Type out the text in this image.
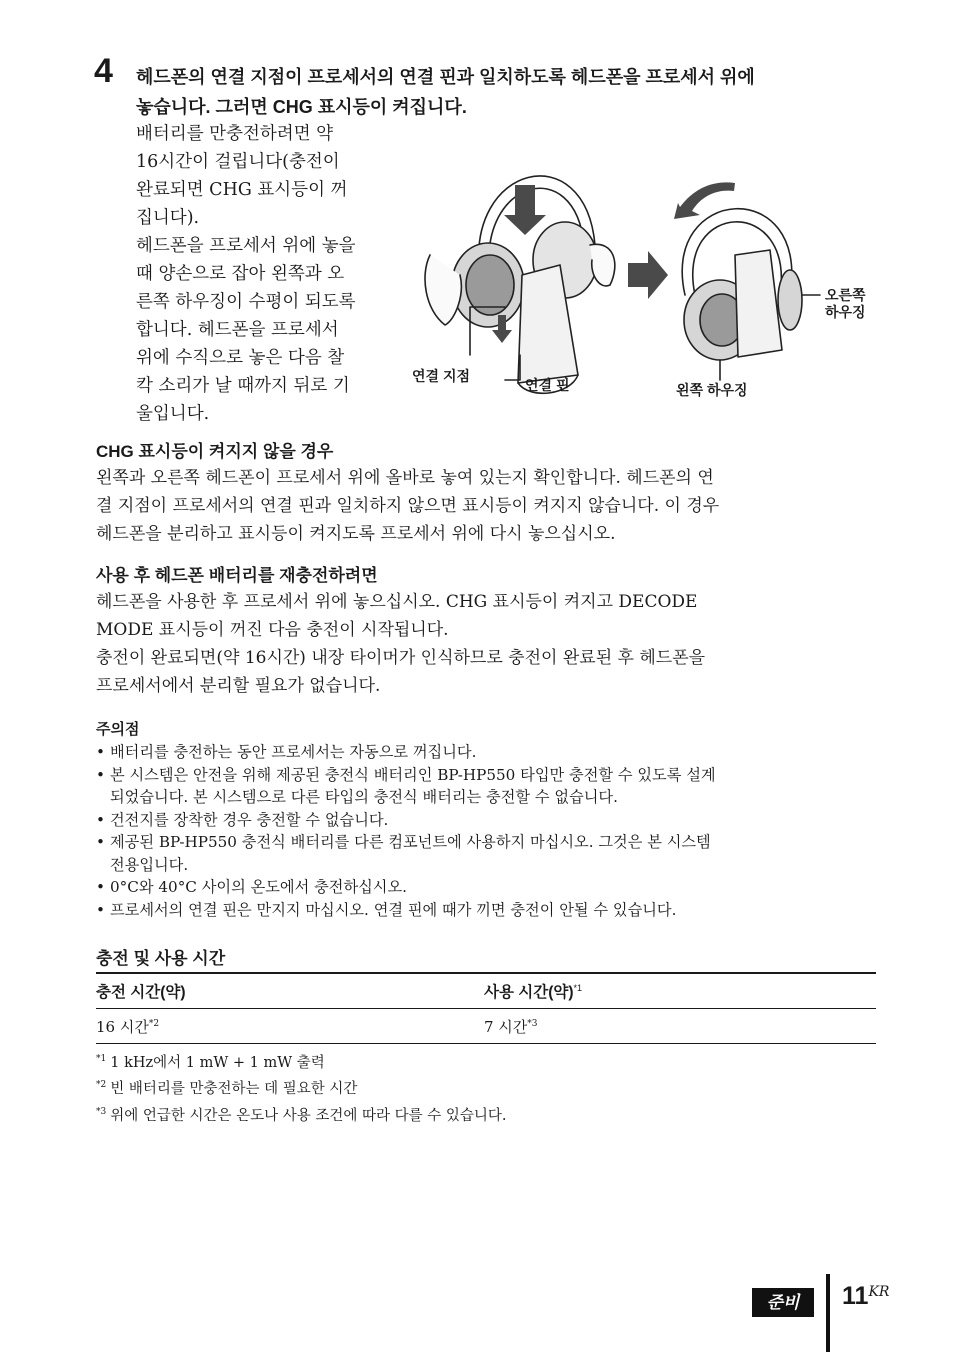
4 헤드폰의 연결 지점이 프로세서의 연결 핀과 일치하도록 헤드폰을 프로세서 위에
놓습니다. 그러면 CHG 표시등이 켜집니다.

배터리를 만충전하려면 약

16시간이 걸립니다(충전이

완료되면 CHG 표시등이 꺼

집니다).

헤드폰을 프로세서 위에 놓을

때 양손으로 잡아 왼쪽과 오

른쪽 하우징이 수평이 되도록

합니다. 헤드폰을 프로세서

위에 수직으로 놓은 다음 찰

칵 소리가 날 때까지 뒤로 기

울입니다.

연결 지점
연결 핀	왼쪽 하우징
오른쪽
하우징
CHG 표시등이 켜지지 않을 경우

왼쪽과 오른쪽 헤드폰이 프로세서 위에 올바로 놓여 있는지 확인합니다. 헤드폰의 연

결 지점이 프로세서의 연결 핀과 일치하지 않으면 표시등이 켜지지 않습니다. 이 경우

헤드폰을 분리하고 표시등이 켜지도록 프로세서 위에 다시 놓으십시오.

사용 후 헤드폰 배터리를 재충전하려면

헤드폰을 사용한 후 프로세서 위에 놓으십시오. CHG 표시등이 켜지고 DECODE

MODE 표시등이 꺼진 다음 충전이 시작됩니다.

충전이 완료되면(약 16시간) 내장 타이머가 인식하므로 충전이 완료된 후 헤드폰을

프로세서에서 분리할 필요가 없습니다.

주의점
• 배터리를 충전하는 동안 프로세서는 자동으로 꺼집니다.
• 본 시스템은 안전을 위해 제공된 충전식 배터리인 BP-HP550 타입만 충전할 수 있도록 설계
되었습니다. 본 시스템으로 다른 타입의 충전식 배터리는 충전할 수 없습니다.
• 건전지를 장착한 경우 충전할 수 없습니다.
• 제공된 BP-HP550 충전식 배터리를 다른 컴포넌트에 사용하지 마십시오. 그것은 본 시스템
전용입니다.
• 0°C와 40°C 사이의 온도에서 충전하십시오.
• 프로세서의 연결 핀은 만지지 마십시오. 연결 핀에 때가 끼면 충전이 안될 수 있습니다.
충전 및 사용 시간
충전 시간(약)	사용 시간(약)$^{*1}$
16 시간$^{*2}$	7 시간$^{*3}$
$^{*1}$ 1 kHz에서 1 mW + 1 mW 출력
$^{*2}$ 빈 배터리를 만충전하는 데 필요한 시간
$^{*3}$ 위에 언급한 시간은 온도나 사용 조건에 따라 다를 수 있습니다.
준비	$11^{KR}$
